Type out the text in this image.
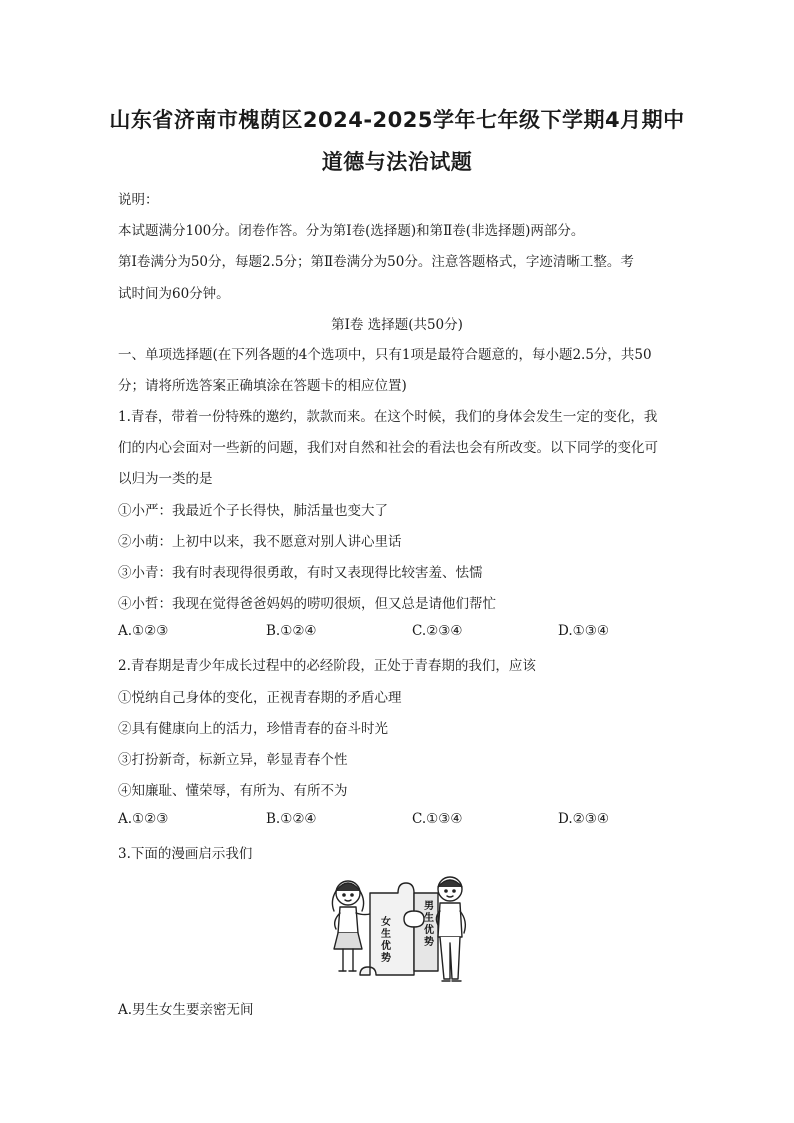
山东省济南市槐荫区2024-2025学年七年级下学期4月期中
道德与法治试题
说明：
本试题满分100分。闭卷作答。分为第Ⅰ卷(选择题)和第Ⅱ卷(非选择题)两部分。
第Ⅰ卷满分为50分，每题2.5分；第Ⅱ卷满分为50分。注意答题格式，字迹清晰工整。考
试时间为60分钟。
第Ⅰ卷 选择题(共50分)
一、单项选择题(在下列各题的4个选项中，只有1项是最符合题意的，每小题2.5分，共50
分；请将所选答案正确填涂在答题卡的相应位置)
1.青春，带着一份特殊的邀约，款款而来。在这个时候，我们的身体会发生一定的变化，我
们的内心会面对一些新的问题，我们对自然和社会的看法也会有所改变。以下同学的变化可
以归为一类的是
①小严：我最近个子长得快，肺活量也变大了
②小萌：上初中以来，我不愿意对别人讲心里话
③小青：我有时表现得很勇敢，有时又表现得比较害羞、怯懦
④小哲：我现在觉得爸爸妈妈的唠叨很烦，但又总是请他们帮忙
A.①②③	B.①②④	C.②③④	D.①③④
2.青春期是青少年成长过程中的必经阶段，正处于青春期的我们，应该
①悦纳自己身体的变化，正视青春期的矛盾心理
②具有健康向上的活力，珍惜青春的奋斗时光
③打扮新奇，标新立异，彰显青春个性
④知廉耻、懂荣辱，有所为、有所不为
A.①②③	B.①②④	C.①③④	D.②③④
3.下面的漫画启示我们
女
生
优
势
男
生
优
势
A.男生女生要亲密无间
